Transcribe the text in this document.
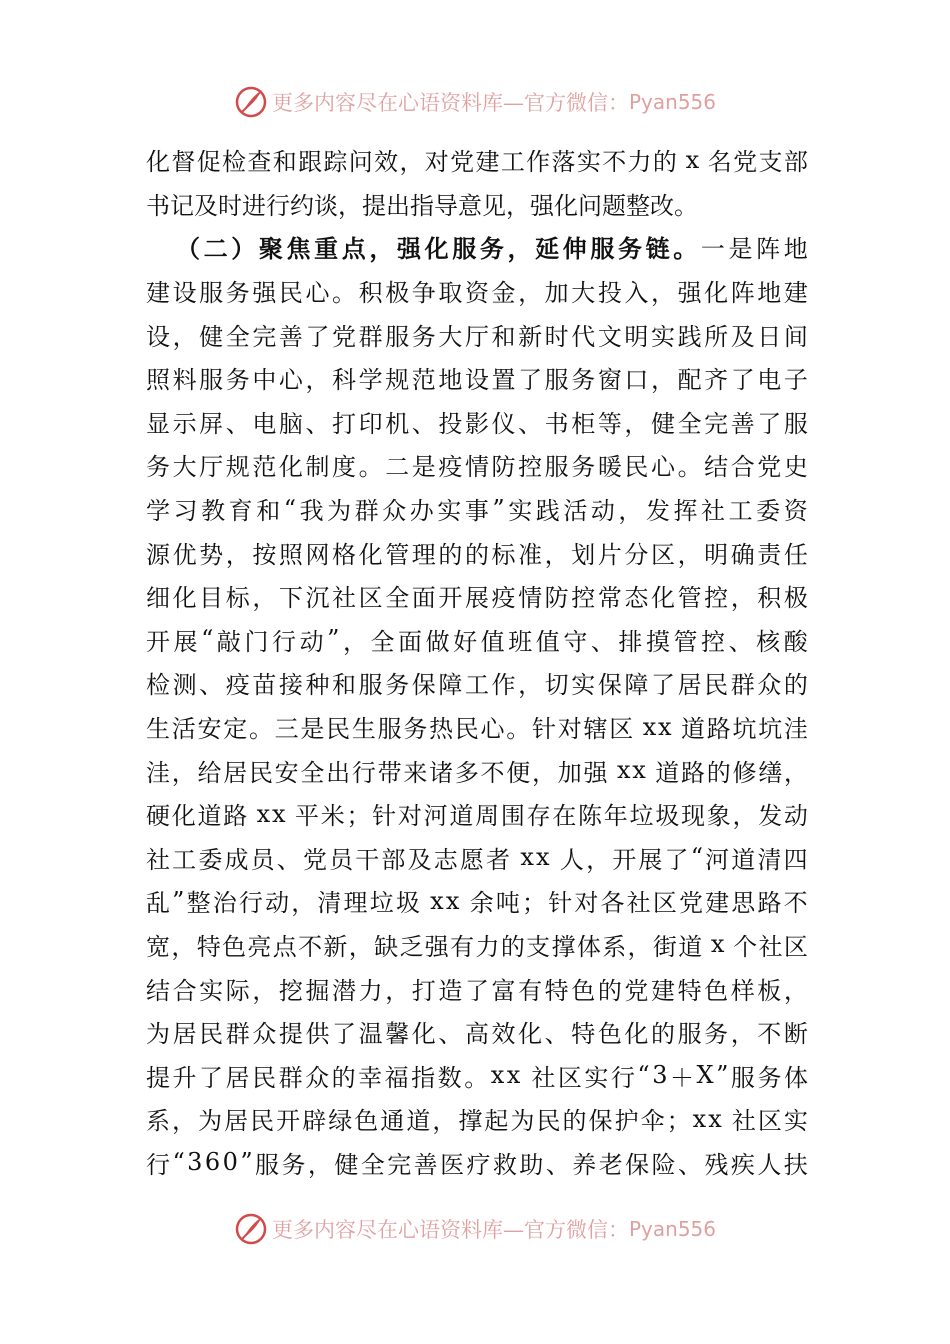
更多内容尽在心语资料库—官方微信： Pyan556
化 督 促 检 查 和 跟 踪 问 效 ， 对 党 建 工 作 落 实 不 力 的 x 名 党 支 部
书 记 及 时 进 行 约 谈 ， 提 出 指 导 意 见 ， 强 化 问 题 整 改 。
（ 二 ） 聚 焦 重 点 ， 强 化 服 务 ， 延 伸 服 务 链 。 一 是 阵 地
建 设 服 务 强 民 心 。 积 极 争 取 资 金 ， 加 大 投 入 ， 强 化 阵 地 建
设 ， 健 全 完 善 了 党 群 服 务 大 厅 和 新 时 代 文 明 实 践 所 及 日 间
照 料 服 务 中 心 ， 科 学 规 范 地 设 置 了 服 务 窗 口 ， 配 齐 了 电 子
显 示 屏 、 电 脑 、 打 印 机 、 投 影 仪 、 书 柜 等 ， 健 全 完 善 了 服
务 大 厅 规 范 化 制 度 。 二 是 疫 情 防 控 服 务 暖 民 心 。 结 合 党 史
学 习 教 育 和 “ 我 为 群 众 办 实 事 ” 实 践 活 动 ， 发 挥 社 工 委 资
源 优 势 ， 按 照 网 格 化 管 理 的 的 标 准 ， 划 片 分 区 ， 明 确 责 任
细 化 目 标 ， 下 沉 社 区 全 面 开 展 疫 情 防 控 常 态 化 管 控 ， 积 极
开 展 “ 敲 门 行 动 ” ， 全 面 做 好 值 班 值 守 、 排 摸 管 控 、 核 酸
检 测 、 疫 苗 接 种 和 服 务 保 障 工 作 ， 切 实 保 障 了 居 民 群 众 的
生 活 安 定 。 三 是 民 生 服 务 热 民 心 。 针 对 辖 区 x x 道 路 坑 坑 洼
洼 ， 给 居 民 安 全 出 行 带 来 诸 多 不 便 ， 加 强 x x 道 路 的 修 缮 ，
硬 化 道 路 x x 平 米 ； 针 对 河 道 周 围 存 在 陈 年 垃 圾 现 象 ， 发 动
社 工 委 成 员 、 党 员 干 部 及 志 愿 者 x x 人 ， 开 展 了 “ 河 道 清 四
乱 ” 整 治 行 动 ， 清 理 垃 圾 x x 余 吨 ； 针 对 各 社 区 党 建 思 路 不
宽 ， 特 色 亮 点 不 新 ， 缺 乏 强 有 力 的 支 撑 体 系 ， 街 道 x 个 社 区
结 合 实 际 ， 挖 掘 潜 力 ， 打 造 了 富 有 特 色 的 党 建 特 色 样 板 ，
为 居 民 群 众 提 供 了 温 馨 化 、 高 效 化 、 特 色 化 的 服 务 ， 不 断
提 升 了 居 民 群 众 的 幸 福 指 数 。 x x 社 区 实 行 “ 3 ＋ X ” 服 务 体
系 ， 为 居 民 开 辟 绿 色 通 道 ， 撑 起 为 民 的 保 护 伞 ； x x 社 区 实
行 “ 3 6 0 ” 服 务 ， 健 全 完 善 医 疗 救 助 、 养 老 保 险 、 残 疾 人 扶
更多内容尽在心语资料库—官方微信： Pyan556
